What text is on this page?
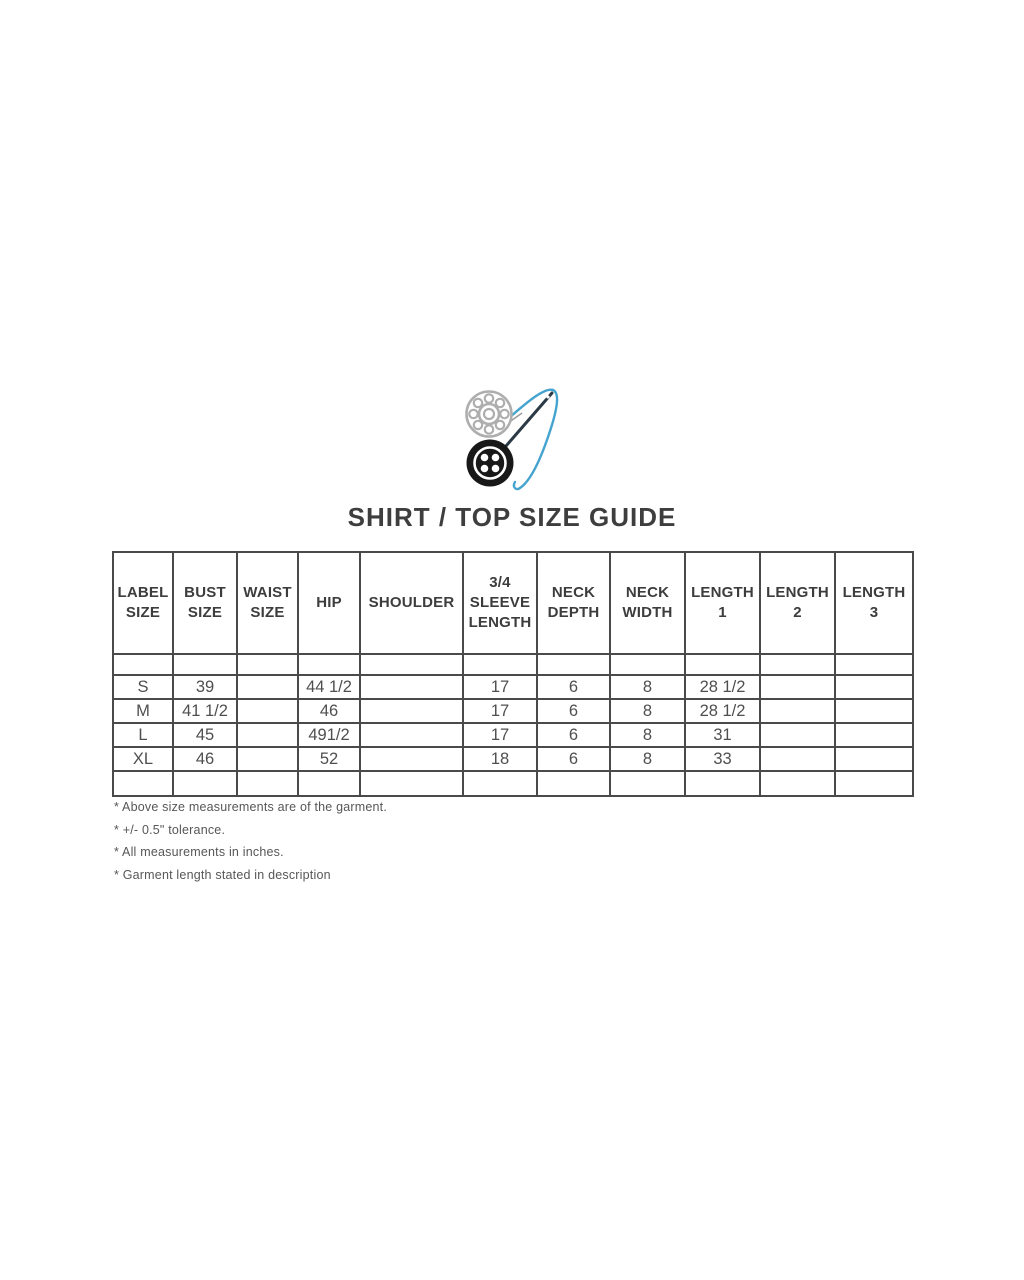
SHIRT / TOP SIZE GUIDE
LABEL SIZE	BUST SIZE	WAIST SIZE	HIP	SHOULDER	3/4 SLEEVE LENGTH	NECK DEPTH	NECK WIDTH	LENGTH 1	LENGTH 2	LENGTH 3

S	39		44 1/2		17	6	8	28 1/2		
M	41 1/2		46		17	6	8	28 1/2		
L	45		491/2		17	6	8	31		
XL	46		52		18	6	8	33		

* Above size measurements are of the garment.
* +/- 0.5" tolerance.
* All measurements in inches.
* Garment length stated in description
